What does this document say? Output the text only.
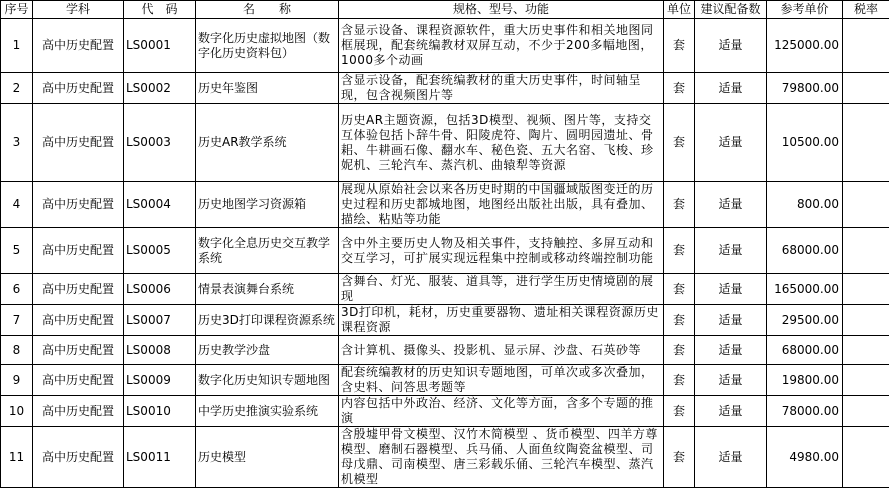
序号	学科	代　码	名　　称	规格、型号、功能	单位	建议配备数	参考单价	税率
1	高中历史配置	LS0001	数字化历史虚拟地图（数字化历史资料包）	含显示设备、课程资源软件，重大历史事件和相关地图同框展现，配套统编教材双屏互动，不少于200多幅地图，1000多个动画	套	适量	125000.00	
2	高中历史配置	LS0002	历史年鉴图	含显示设备，配套统编教材的重大历史事件，时间轴呈现，包含视频图片等	套	适量	79800.00	
3	高中历史配置	LS0003	历史AR教学系统	历史AR主题资源，包括3D模型、视频、图片等，支持交互体验包括卜辞牛骨、阳陵虎符、陶片、圆明园遗址、骨耜、牛耕画石像、翻水车、秘色瓷、五大名窑、飞梭、珍妮机、三轮汽车、蒸汽机、曲辕犁等资源	套	适量	10500.00	
4	高中历史配置	LS0004	历史地图学习资源箱	展现从原始社会以来各历史时期的中国疆域版图变迁的历史过程和历史都城地图，地图经出版社出版，具有叠加、描绘、粘贴等功能	套	适量	800.00	
5	高中历史配置	LS0005	数字化全息历史交互教学系统	含中外主要历史人物及相关事件，支持触控、多屏互动和交互学习，可扩展实现远程集中控制或移动终端控制功能	套	适量	68000.00	
6	高中历史配置	LS0006	情景表演舞台系统	含舞台、灯光、服装、道具等，进行学生历史情境剧的展现	套	适量	165000.00	
7	高中历史配置	LS0007	历史3D打印课程资源系统	3D打印机，耗材，历史重要器物、遗址相关课程资源历史课程资源	套	适量	29500.00	
8	高中历史配置	LS0008	历史教学沙盘	含计算机、摄像头、投影机、显示屏、沙盘、石英砂等	套	适量	68000.00	
9	高中历史配置	LS0009	数字化历史知识专题地图	配套统编教材的历史知识专题地图，可单次或多次叠加，含史料、问答思考题等	套	适量	19800.00	
10	高中历史配置	LS0010	中学历史推演实验系统	内容包括中外政治、经济、文化等方面，含多个专题的推演	套	适量	78000.00	
11	高中历史配置	LS0011	历史模型	含殷墟甲骨文模型、汉竹木简模型 、货币模型、四羊方尊模型、磨制石器模型、兵马俑、人面鱼纹陶瓷盆模型、司母戊鼎、司南模型、唐三彩载乐俑、三轮汽车模型、蒸汽机模型	套	适量	4980.00	
